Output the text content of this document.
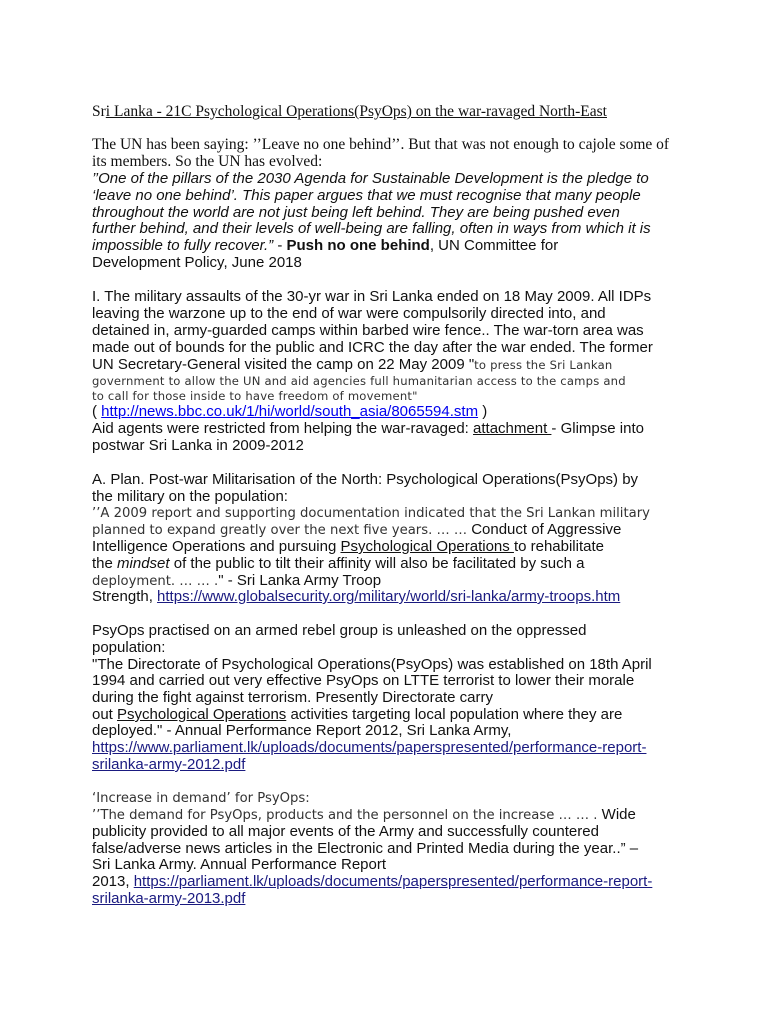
Sri Lanka - 21C Psychological Operations(PsyOps) on the war-ravaged North-East
The UN has been saying: ’’Leave no one behind’’. But that was not enough to cajole some of
its members. So the UN has evolved:
’’One of the pillars of the 2030 Agenda for Sustainable Development is the pledge to
‘leave no one behind’. This paper argues that we must recognise that many people
throughout the world are not just being left behind. They are being pushed even
further behind, and their levels of well-being are falling, often in ways from which it is
impossible to fully recover.” - Push no one behind, UN Committee for
Development Policy, June 2018
I. The military assaults of the 30-yr war in Sri Lanka ended on 18 May 2009. All IDPs
leaving the warzone up to the end of war were compulsorily directed into, and
detained in, army-guarded camps within barbed wire fence.. The war-torn area was
made out of bounds for the public and ICRC the day after the war ended. The former
UN Secretary-General visited the camp on 22 May 2009 "to press the Sri Lankan
government to allow the UN and aid agencies full humanitarian access to the camps and
to call for those inside to have freedom of movement"
( http://news.bbc.co.uk/1/hi/world/south_asia/8065594.stm )
Aid agents were restricted from helping the war-ravaged: attachment - Glimpse into
postwar Sri Lanka in 2009-2012
A. Plan. Post-war Militarisation of the North: Psychological Operations(PsyOps) by
the military on the population:
’’A 2009 report and supporting documentation indicated that the Sri Lankan military
planned to expand greatly over the next five years. … … Conduct of Aggressive
Intelligence Operations and pursuing Psychological Operations to rehabilitate
the mindset of the public to tilt their affinity will also be facilitated by such a
deployment. … … ." - Sri Lanka Army Troop
Strength, https://www.globalsecurity.org/military/world/sri-lanka/army-troops.htm
PsyOps practised on an armed rebel group is unleashed on the oppressed
population:
"The Directorate of Psychological Operations(PsyOps) was established on 18th April
1994 and carried out very effective PsyOps on LTTE terrorist to lower their morale
during the fight against terrorism. Presently Directorate carry
out Psychological Operations activities targeting local population where they are
deployed." - Annual Performance Report 2012, Sri Lanka Army,
https://www.parliament.lk/uploads/documents/paperspresented/performance-report-
srilanka-army-2012.pdf
‘Increase in demand’ for PsyOps:
’’The demand for PsyOps, products and the personnel on the increase … … . Wide
publicity provided to all major events of the Army and successfully countered
false/adverse news articles in the Electronic and Printed Media during the year..” –
Sri Lanka Army. Annual Performance Report
2013, https://parliament.lk/uploads/documents/paperspresented/performance-report-
srilanka-army-2013.pdf
